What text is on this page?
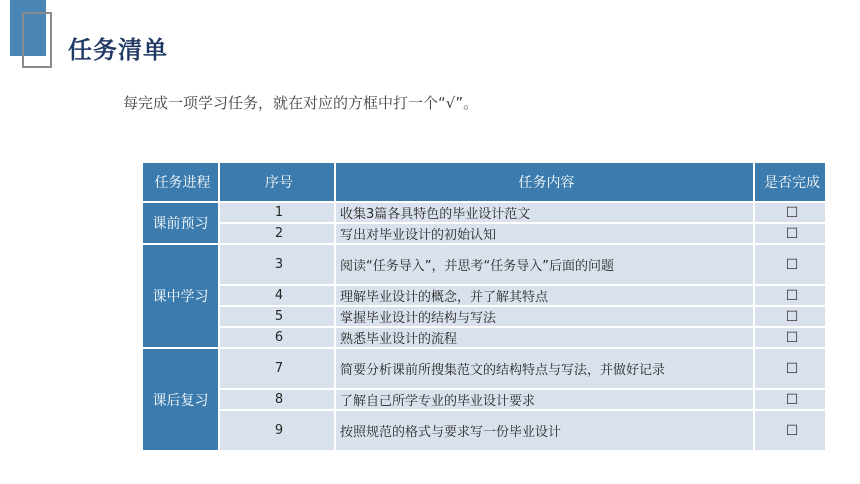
任务清单
每完成一项学习任务，就在对应的方框中打一个“√”。
任务进程	序号	任务内容	是否完成
课前预习	1	收集3篇各具特色的毕业设计范文	☐
	2	写出对毕业设计的初始认知	☐
课中学习	3	阅读“任务导入”，并思考“任务导入”后面的问题	☐
	4	理解毕业设计的概念，并了解其特点	☐
	5	掌握毕业设计的结构与写法	☐
	6	熟悉毕业设计的流程	☐
课后复习	7	简要分析课前所搜集范文的结构特点与写法，并做好记录	☐
	8	了解自己所学专业的毕业设计要求	☐
	9	按照规范的格式与要求写一份毕业设计	☐
